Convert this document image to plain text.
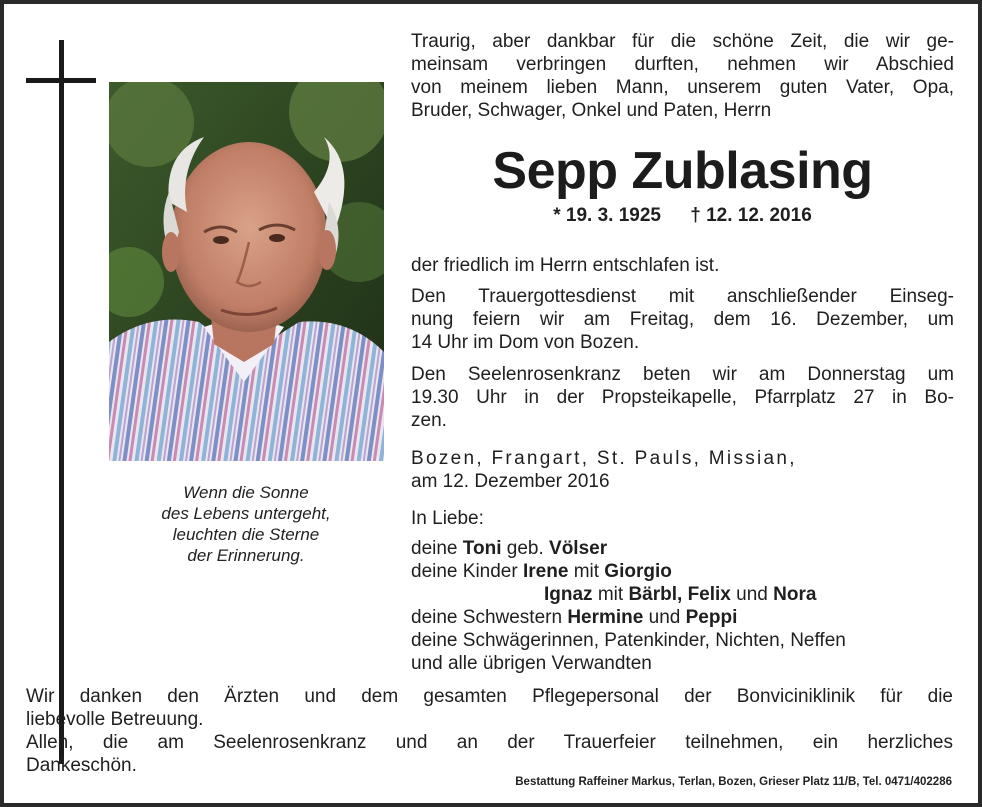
Wenn die Sonne
des Lebens untergeht,
leuchten die Sterne
der Erinnerung.
Traurig, aber dankbar für die schöne Zeit, die wir ge-
meinsam verbringen durften, nehmen wir Abschied
von meinem lieben Mann, unserem guten Vater, Opa,
Bruder, Schwager, Onkel und Paten, Herrn
Sepp Zublasing
* 19. 3. 1925 † 12. 12. 2016
der friedlich im Herrn entschlafen ist.
Den Trauergottesdienst mit anschließender Einseg-
nung feiern wir am Freitag, dem 16. Dezember, um
14 Uhr im Dom von Bozen.
Den Seelenrosenkranz beten wir am Donnerstag um
19.30 Uhr in der Propsteikapelle, Pfarrplatz 27 in Bo-
zen.
Bozen, Frangart, St. Pauls, Missian,
am 12. Dezember 2016
In Liebe:
deine Toni geb. Völser
deine Kinder Irene mit Giorgio
Ignaz mit Bärbl, Felix und Nora
deine Schwestern Hermine und Peppi
deine Schwägerinnen, Patenkinder, Nichten, Neffen
und alle übrigen Verwandten
Wir danken den Ärzten und dem gesamten Pflegepersonal der Bonviciniklinik für die
liebevolle Betreuung.
Allen, die am Seelenrosenkranz und an der Trauerfeier teilnehmen, ein herzliches
Dankeschön.
Bestattung Raffeiner Markus, Terlan, Bozen, Grieser Platz 11/B, Tel. 0471/402286
